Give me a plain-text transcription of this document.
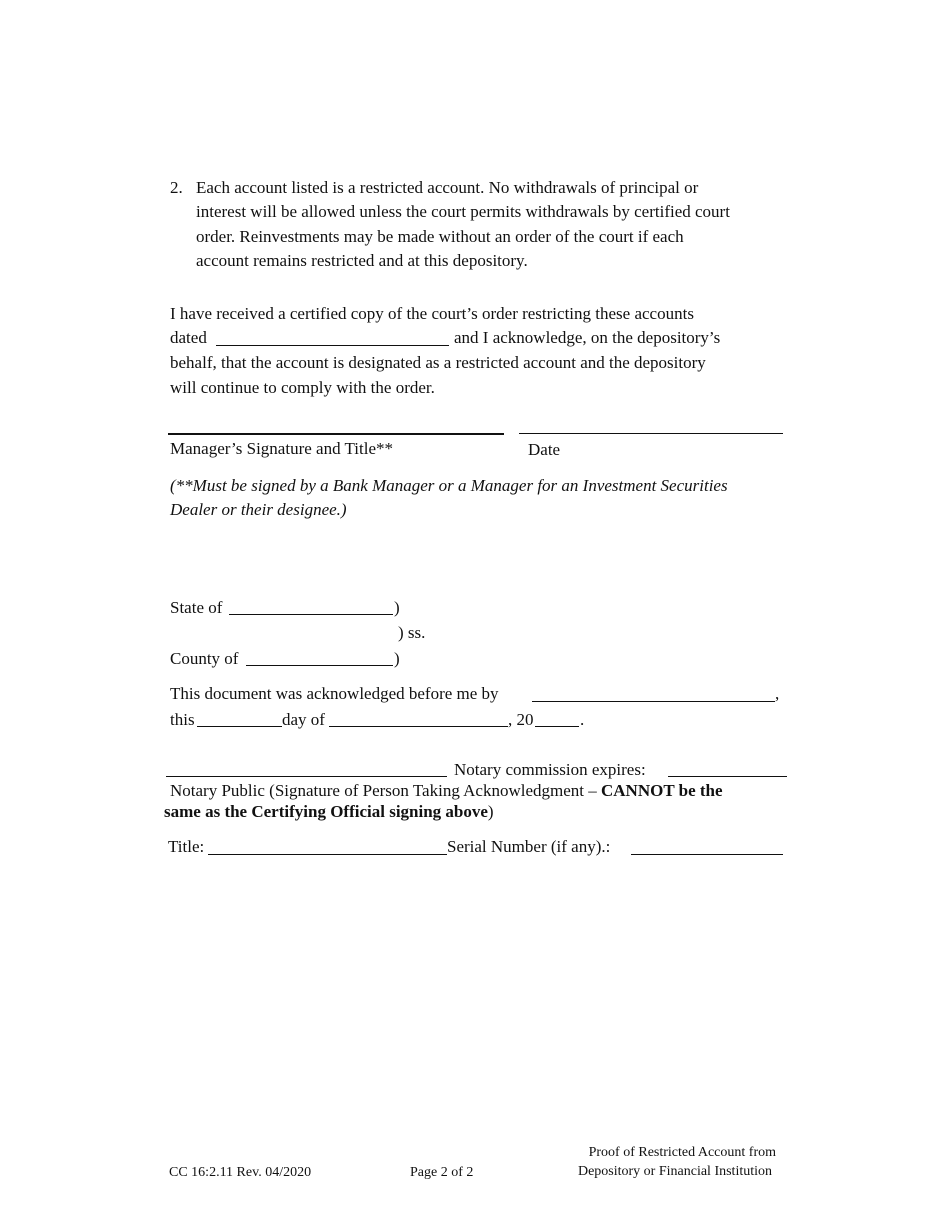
2. Each account listed is a restricted account. No withdrawals of principal or
interest will be allowed unless the court permits withdrawals by certified court
order. Reinvestments may be made without an order of the court if each
account remains restricted and at this depository.
I have received a certified copy of the court’s order restricting these accounts
dated	and I acknowledge, on the depository’s
behalf, that the account is designated as a restricted account and the depository
will continue to comply with the order.
Manager’s Signature and Title**	Date
(**Must be signed by a Bank Manager or a Manager for an Investment Securities
Dealer or their designee.)
State of	)
) ss.
County of	)
This document was acknowledged before me by	,
this	day of	, 20	.
Notary commission expires:
Notary Public (Signature of Person Taking Acknowledgment – CANNOT be the
same as the Certifying Official signing above)
Title:	Serial Number (if any).:
CC 16:2.11 Rev. 04/2020	Page 2 of 2
Proof of Restricted Account from
Depository or Financial Institution
